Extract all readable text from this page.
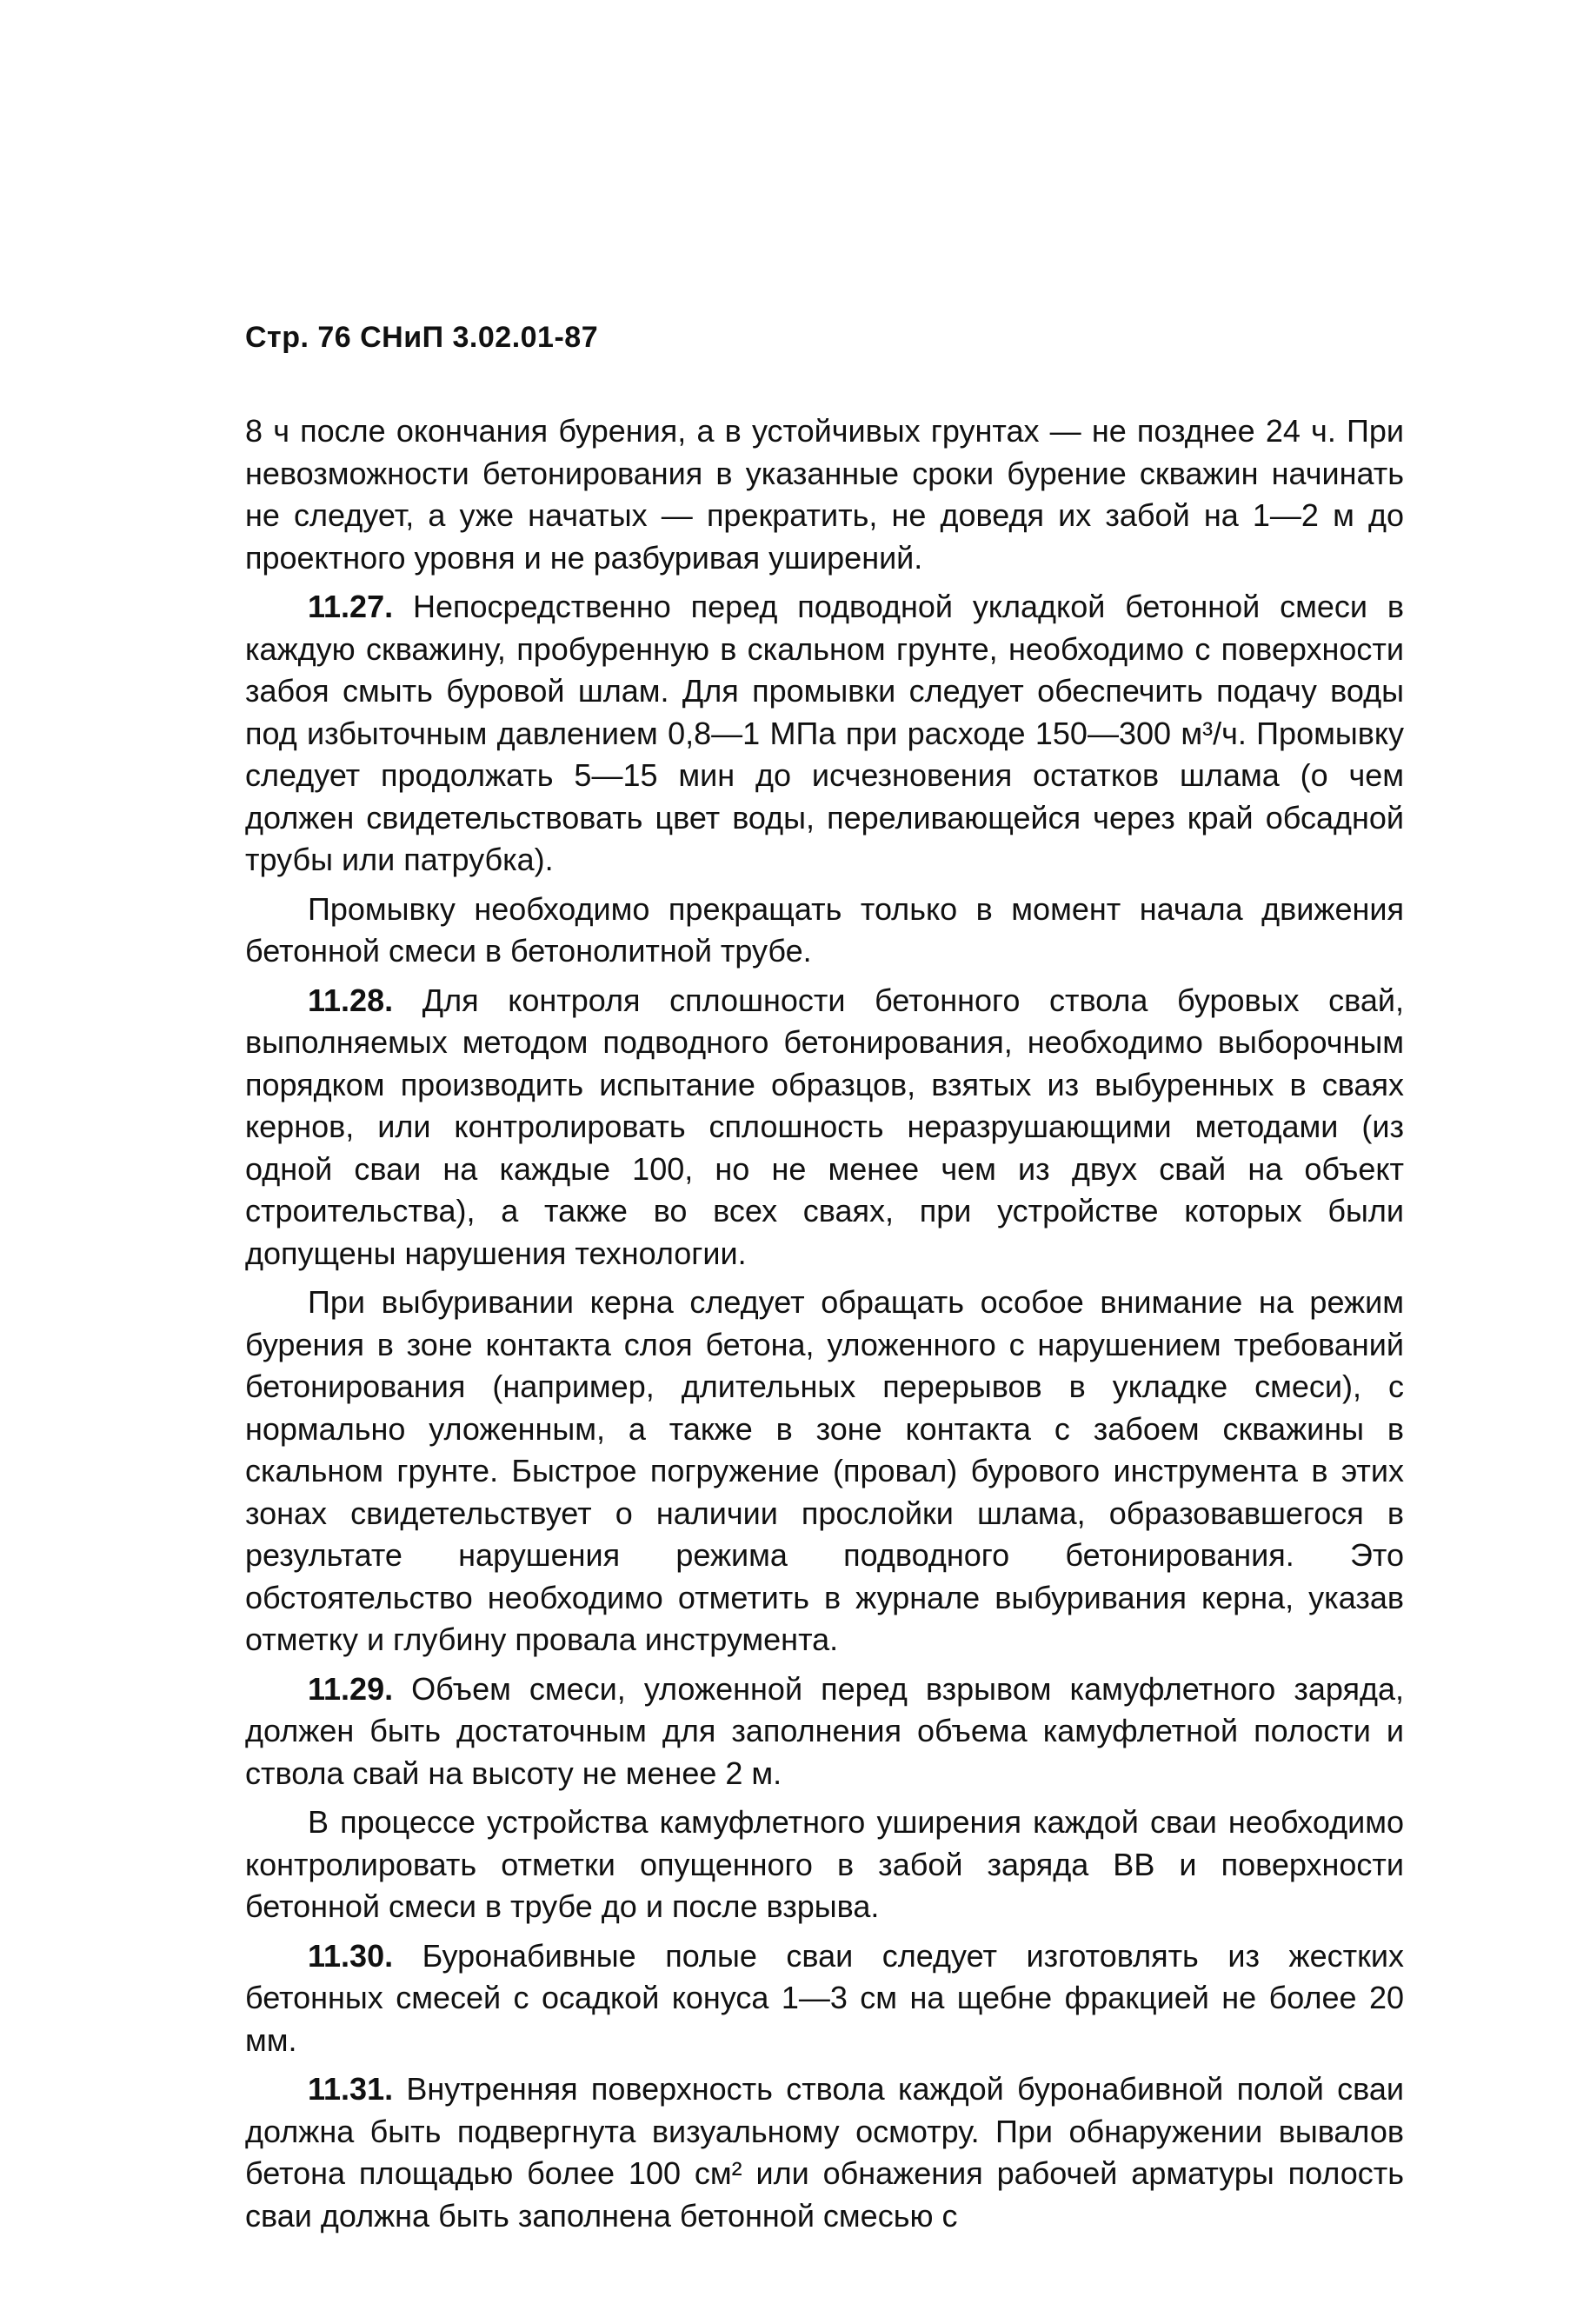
Стр. 76 СНиП 3.02.01-87

8 ч после окончания бурения, а в устойчивых грунтах — не позднее 24 ч. При невозможности бетонирования в указанные сроки бурение скважин начинать не следует, а уже начатых — прекратить, не доведя их забой на 1—2 м до проектного уровня и не разбуривая уширений.

11.27. Непосредственно перед подводной укладкой бетонной смеси в каждую скважину, пробуренную в скальном грунте, необходимо с поверхности забоя смыть буровой шлам. Для промывки следует обеспечить подачу воды под избыточным давлением 0,8—1 МПа при расходе 150—300 м³/ч. Промывку следует продолжать 5—15 мин до исчезновения остатков шлама (о чем должен свидетельствовать цвет воды, переливающейся через край обсадной трубы или патрубка).

Промывку необходимо прекращать только в момент начала движения бетонной смеси в бетонолитной трубе.

11.28. Для контроля сплошности бетонного ствола буровых свай, выполняемых методом подводного бетонирования, необходимо выборочным порядком производить испытание образцов, взятых из выбуренных в сваях кернов, или контролировать сплошность неразрушающими методами (из одной сваи на каждые 100, но не менее чем из двух свай на объект строительства), а также во всех сваях, при устройстве которых были допущены нарушения технологии.

При выбуривании керна следует обращать особое внимание на режим бурения в зоне контакта слоя бетона, уложенного с нарушением требований бетонирования (например, длительных перерывов в укладке смеси), с нормально уложенным, а также в зоне контакта с забоем скважины в скальном грунте. Быстрое погружение (провал) бурового инструмента в этих зонах свидетельствует о наличии прослойки шлама, образовавшегося в результате нарушения режима подводного бетонирования. Это обстоятельство необходимо отметить в журнале выбуривания керна, указав отметку и глубину провала инструмента.

11.29. Объем смеси, уложенной перед взрывом камуфлетного заряда, должен быть достаточным для заполнения объема камуфлетной полости и ствола свай на высоту не менее 2 м.

В процессе устройства камуфлетного уширения каждой сваи необходимо контролировать отметки опущенного в забой заряда ВВ и поверхности бетонной смеси в трубе до и после взрыва.

11.30. Буронабивные полые сваи следует изготовлять из жестких бетонных смесей с осадкой конуса 1—3 см на щебне фракцией не более 20 мм.

11.31. Внутренняя поверхность ствола каждой буронабивной полой сваи должна быть подвергнута визуальному осмотру. При обнаружении вывалов бетона площадью более 100 см² или обнажения рабочей арматуры полость сваи должна быть заполнена бетонной смесью с
